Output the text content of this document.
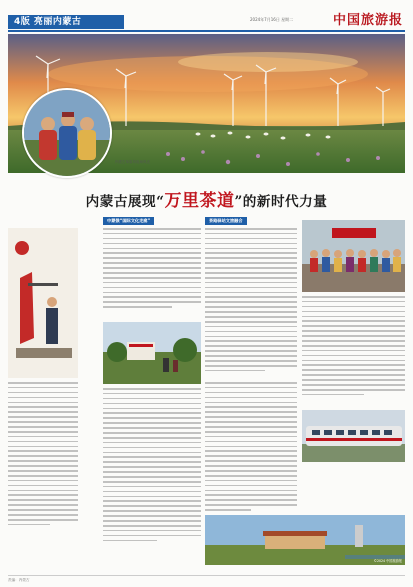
4版 亮丽内蒙古	2024年7月16日 星期二	中国旅游报
内蒙古草原风电场风光
内蒙古展现“万里茶道”的新时代力量
中蒙俄“国际文化走廊”	茶路驿站文旅融合
©2024 中国旅游报
责编：内蒙古
